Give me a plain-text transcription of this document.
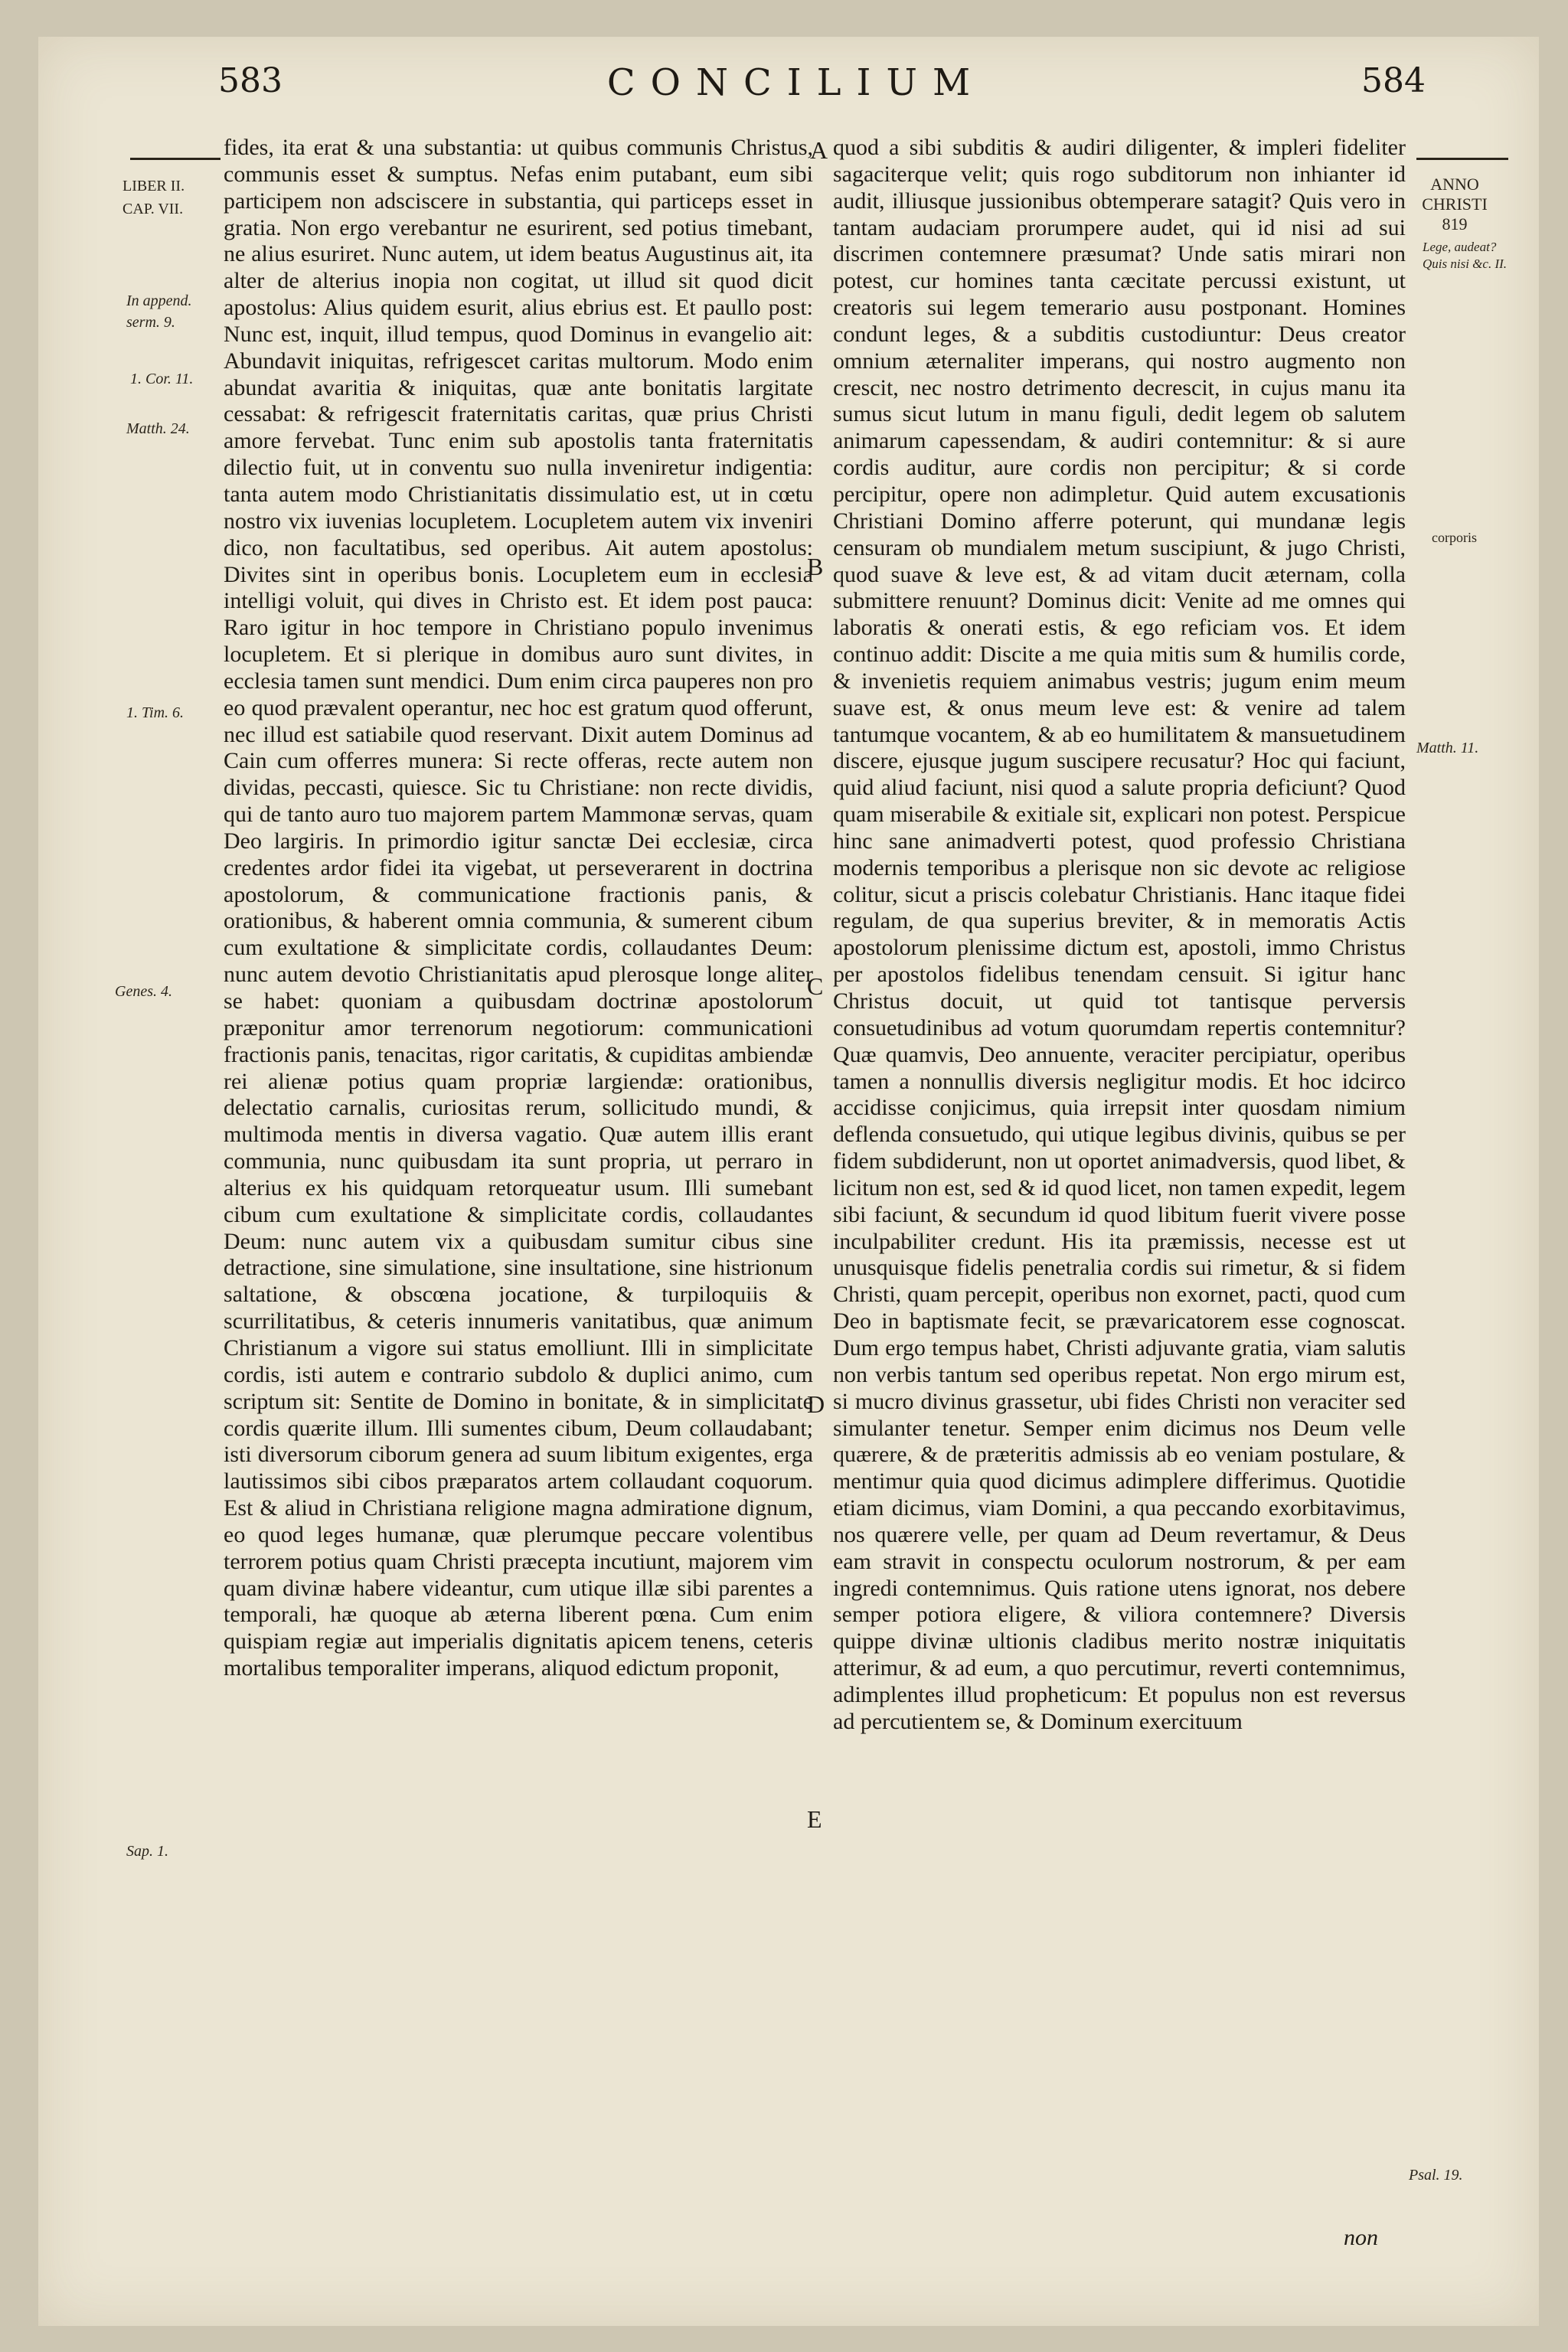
583	CONCILIUM	584
ANNO
CHRISTI
819
LIBER II.
CAP. VII.
In append.
serm. 9.
1. Cor. 11.
Matth. 24.
1. Tim. 6.
Genes. 4.
Sap. 1.
Lege, audeat? Quis nisi &c. II.
corporis
Matth. 11.
Psal. 19.
A
B
C
D
E

fides, ita erat & una substantia: ut quibus communis Christus, communis esset & sumptus. Nefas enim putabant, eum sibi participem non adsciscere in substantia, qui particeps esset in gratia. Non ergo verebantur ne esurirent, sed potius timebant, ne alius esuriret. Nunc autem, ut idem beatus Augustinus ait, ita alter de alterius inopia non cogitat, ut illud sit quod dicit apostolus: Alius quidem esurit, alius ebrius est. Et paullo post: Nunc est, inquit, illud tempus, quod Dominus in evangelio ait: Abundavit iniquitas, refrigescet caritas multorum. Modo enim abundat avaritia & iniquitas, quæ ante bonitatis largitate cessabat: & refrigescit fraternitatis caritas, quæ prius Christi amore fervebat. Tunc enim sub apostolis tanta fraternitatis dilectio fuit, ut in conventu suo nulla inveniretur indigentia: tanta autem modo Christianitatis dissimulatio est, ut in cœtu nostro vix iuvenias locupletem. Locupletem autem vix inveniri dico, non facultatibus, sed operibus. Ait autem apostolus: Divites sint in operibus bonis. Locupletem eum in ecclesia intelligi voluit, qui dives in Christo est. Et idem post pauca: Raro igitur in hoc tempore in Christiano populo invenimus locupletem. Et si plerique in domibus auro sunt divites, in ecclesia tamen sunt mendici. Dum enim circa pauperes non pro eo quod prævalent operantur, nec hoc est gratum quod offerunt, nec illud est satiabile quod reservant. Dixit autem Dominus ad Cain cum offerres munera: Si recte offeras, recte autem non dividas, peccasti, quiesce. Sic tu Christiane: non recte dividis, qui de tanto auro tuo majorem partem Mammonæ servas, quam Deo largiris. In primordio igitur sanctæ Dei ecclesiæ, circa credentes ardor fidei ita vigebat, ut perseverarent in doctrina apostolorum, & communicatione fractionis panis, & orationibus, & haberent omnia communia, & sumerent cibum cum exultatione & simplicitate cordis, collaudantes Deum: nunc autem devotio Christianitatis apud plerosque longe aliter se habet: quoniam a quibusdam doctrinæ apostolorum præponitur amor terrenorum negotiorum: communicationi fractionis panis, tenacitas, rigor caritatis, & cupiditas ambiendæ rei alienæ potius quam propriæ largiendæ: orationibus, delectatio carnalis, curiositas rerum, sollicitudo mundi, & multimoda mentis in diversa vagatio. Quæ autem illis erant communia, nunc quibusdam ita sunt propria, ut perraro in alterius ex his quidquam retorqueatur usum. Illi sumebant cibum cum exultatione & simplicitate cordis, collaudantes Deum: nunc autem vix a quibusdam sumitur cibus sine detractione, sine simulatione, sine insultatione, sine histrionum saltatione, & obscœna jocatione, & turpiloquiis & scurrilitatibus, & ceteris innumeris vanitatibus, quæ animum Christianum a vigore sui status emolliunt. Illi in simplicitate cordis, isti autem e contrario subdolo & duplici animo, cum scriptum sit: Sentite de Domino in bonitate, & in simplicitate cordis quærite illum. Illi sumentes cibum, Deum collaudabant; isti diversorum ciborum genera ad suum libitum exigentes, erga lautissimos sibi cibos præparatos artem collaudant coquorum. Est & aliud in Christiana religione magna admiratione dignum, eo quod leges humanæ, quæ plerumque peccare volentibus terrorem potius quam Christi præcepta incutiunt, majorem vim quam divinæ habere videantur, cum utique illæ sibi parentes a temporali, hæ quoque ab æterna liberent pœna. Cum enim quispiam regiæ aut imperialis dignitatis apicem tenens, ceteris mortalibus temporaliter imperans, aliquod edictum proponit,

quod a sibi subditis & audiri diligenter, & impleri fideliter sagaciterque velit; quis rogo subditorum non inhianter id audit, illiusque jussionibus obtemperare satagit? Quis vero in tantam audaciam prorumpere audet, qui id nisi ad sui discrimen contemnere præsumat? Unde satis mirari non potest, cur homines tanta cæcitate percussi existunt, ut creatoris sui legem temerario ausu postponant. Homines condunt leges, & a subditis custodiuntur: Deus creator omnium æternaliter imperans, qui nostro augmento non crescit, nec nostro detrimento decrescit, in cujus manu ita sumus sicut lutum in manu figuli, dedit legem ob salutem animarum capessendam, & audiri contemnitur: & si aure cordis auditur, aure cordis non percipitur; & si corde percipitur, opere non adimpletur. Quid autem excusationis Christiani Domino afferre poterunt, qui mundanæ legis censuram ob mundialem metum suscipiunt, & jugo Christi, quod suave & leve est, & ad vitam ducit æternam, colla submittere renuunt? Dominus dicit: Venite ad me omnes qui laboratis & onerati estis, & ego reficiam vos. Et idem continuo addit: Discite a me quia mitis sum & humilis corde, & invenietis requiem animabus vestris; jugum enim meum suave est, & onus meum leve est: & venire ad talem tantumque vocantem, & ab eo humilitatem & mansuetudinem discere, ejusque jugum suscipere recusatur? Hoc qui faciunt, quid aliud faciunt, nisi quod a salute propria deficiunt? Quod quam miserabile & exitiale sit, explicari non potest. Perspicue hinc sane animadverti potest, quod professio Christiana modernis temporibus a plerisque non sic devote ac religiose colitur, sicut a priscis colebatur Christianis. Hanc itaque fidei regulam, de qua superius breviter, & in memoratis Actis apostolorum plenissime dictum est, apostoli, immo Christus per apostolos fidelibus tenendam censuit. Si igitur hanc Christus docuit, ut quid tot tantisque perversis consuetudinibus ad votum quorumdam repertis contemnitur? Quæ quamvis, Deo annuente, veraciter percipiatur, operibus tamen a nonnullis diversis negligitur modis. Et hoc idcirco accidisse conjicimus, quia irrepsit inter quosdam nimium deflenda consuetudo, qui utique legibus divinis, quibus se per fidem subdiderunt, non ut oportet animadversis, quod libet, & licitum non est, sed & id quod licet, non tamen expedit, legem sibi faciunt, & secundum id quod libitum fuerit vivere posse inculpabiliter credunt. His ita præmissis, necesse est ut unusquisque fidelis penetralia cordis sui rimetur, & si fidem Christi, quam percepit, operibus non exornet, pacti, quod cum Deo in baptismate fecit, se prævaricatorem esse cognoscat. Dum ergo tempus habet, Christi adjuvante gratia, viam salutis non verbis tantum sed operibus repetat. Non ergo mirum est, si mucro divinus grassetur, ubi fides Christi non veraciter sed simulanter tenetur. Semper enim dicimus nos Deum velle quærere, & de præteritis admissis ab eo veniam postulare, & mentimur quia quod dicimus adimplere differimus. Quotidie etiam dicimus, viam Domini, a qua peccando exorbitavimus, nos quærere velle, per quam ad Deum revertamur, & Deus eam stravit in conspectu oculorum nostrorum, & per eam ingredi contemnimus. Quis ratione utens ignorat, nos debere semper potiora eligere, & viliora contemnere? Diversis quippe divinæ ultionis cladibus merito nostræ iniquitatis atterimur, & ad eum, a quo percutimur, reverti contemnimus, adimplentes illud propheticum: Et populus non est reversus ad percutientem se, & Dominum exercituum

non
